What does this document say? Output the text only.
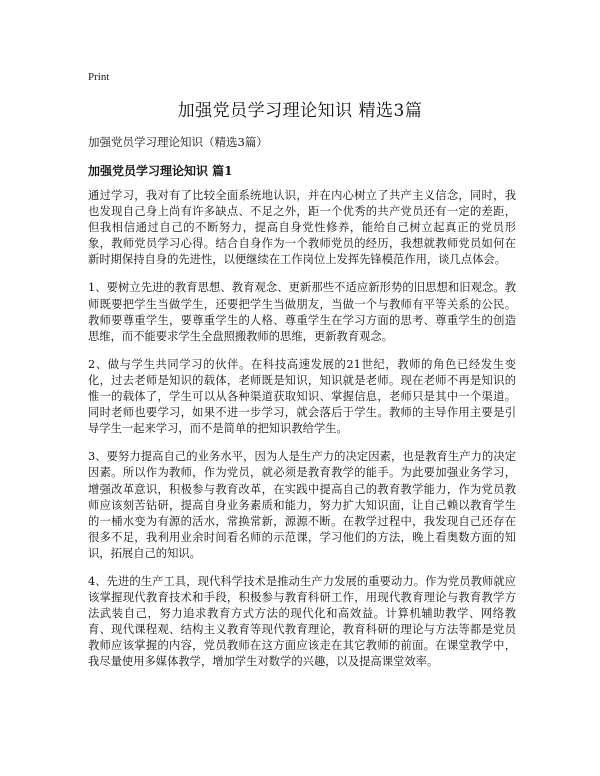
Print
加强党员学习理论知识 精选3篇

加强党员学习理论知识（精选3篇）

加强党员学习理论知识 篇1

通过学习，我对有了比较全面系统地认识，并在内心树立了共产主义信念，同时，我也发现自己身上尚有许多缺点、不足之外，距一个优秀的共产党员还有一定的差距，但我相信通过自己的不断努力，提高自身党性修养，能给自己树立起真正的党员形象，教师党员学习心得。结合自身作为一个教师党员的经历，我想就教师党员如何在新时期保持自身的先进性，以便继续在工作岗位上发挥先锋模范作用，谈几点体会。

1、要树立先进的教育思想、教育观念、更新那些不适应新形势的旧思想和旧观念。教师既要把学生当做学生，还要把学生当做朋友，当做一个与教师有平等关系的公民。教师要尊重学生，要尊重学生的人格、尊重学生在学习方面的思考、尊重学生的创造思维，而不能要求学生全盘照搬教师的思维，更新教育观念。

2、做与学生共同学习的伙伴。在科技高速发展的21世纪，教师的角色已经发生变化，过去老师是知识的载体，老师既是知识，知识就是老师。现在老师不再是知识的惟一的载体了，学生可以从各种渠道获取知识、掌握信息，老师只是其中一个渠道。同时老师也要学习，如果不进一步学习，就会落后于学生。教师的主导作用主要是引导学生一起来学习，而不是简单的把知识教给学生。

3、要努力提高自己的业务水平，因为人是生产力的决定因素，也是教育生产力的决定因素。所以作为教师，作为党员，就必须是教育教学的能手。为此要加强业务学习，增强改革意识，积极参与教育改革，在实践中提高自己的教育教学能力，作为党员教师应该刻苦钻研，提高自身业务素质和能力，努力扩大知识面，让自己赖以教育学生的一桶水变为有源的活水，常换常新，源源不断。在教学过程中，我发现自己还存在很多不足，我利用业余时间看名师的示范课，学习他们的方法，晚上看奥数方面的知识，拓展自己的知识。

4、先进的生产工具，现代科学技术是推动生产力发展的重要动力。作为党员教师就应该掌握现代教育技术和手段，积极参与教育科研工作，用现代教育理论与教育教学方法武装自己，努力追求教育方式方法的现代化和高效益。计算机辅助教学、网络教育、现代课程观、结构主义教育等现代教育理论，教育科研的理论与方法等都是党员教师应该掌握的内容，党员教师在这方面应该走在其它教师的前面。在课堂教学中，我尽量使用多媒体教学，增加学生对数学的兴趣，以及提高课堂效率。
